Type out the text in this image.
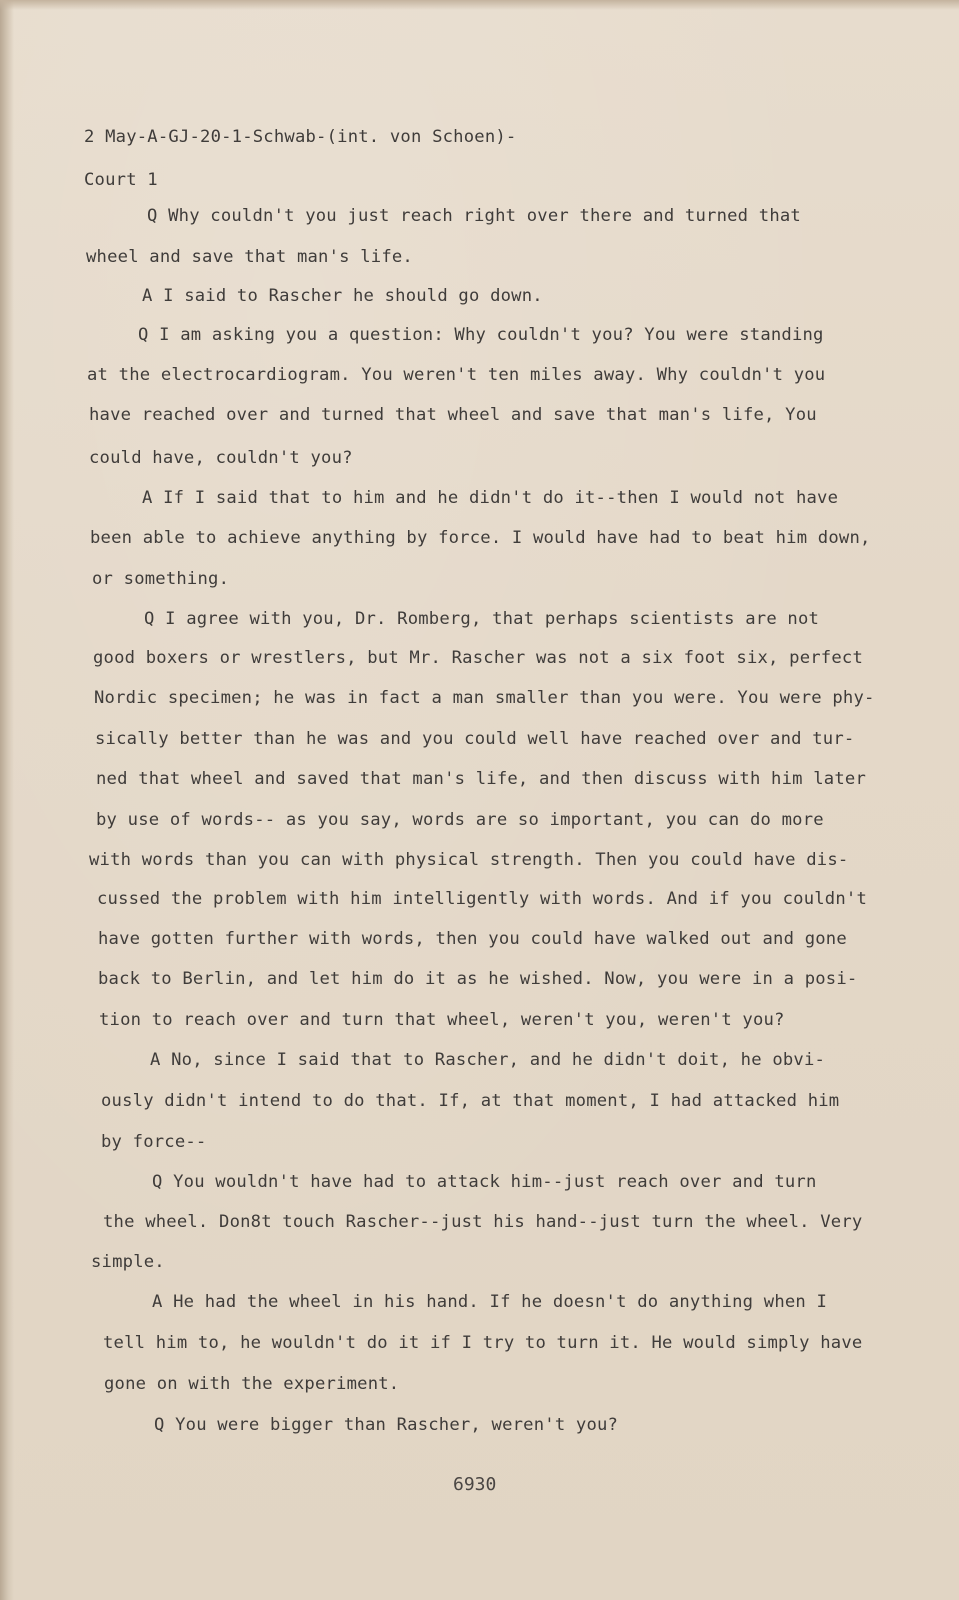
2 May-A-GJ-20-1-Schwab-(int. von Schoen)-
Court 1
Q Why couldn't you just reach right over there and turned that
wheel and save that man's life.
A I said to Rascher he should go down.
Q I am asking you a question: Why couldn't you? You were standing
at the electrocardiogram. You weren't ten miles away. Why couldn't you
have reached over and turned that wheel and save that man's life, You
could have, couldn't you?
A If I said that to him and he didn't do it--then I would not have
been able to achieve anything by force. I would have had to beat him down,
or something.
Q I agree with you, Dr. Romberg, that perhaps scientists are not
good boxers or wrestlers, but Mr. Rascher was not a six foot six, perfect
Nordic specimen; he was in fact a man smaller than you were. You were phy-
sically better than he was and you could well have reached over and tur-
ned that wheel and saved that man's life, and then discuss with him later
by use of words-- as you say, words are so important, you can do more
with words than you can with physical strength. Then you could have dis-
cussed the problem with him intelligently with words. And if you couldn't
have gotten further with words, then you could have walked out and gone
back to Berlin, and let him do it as he wished. Now, you were in a posi-
tion to reach over and turn that wheel, weren't you, weren't you?
A No, since I said that to Rascher, and he didn't doit, he obvi-
ously didn't intend to do that. If, at that moment, I had attacked him
by force--
Q You wouldn't have had to attack him--just reach over and turn
the wheel. Don8t touch Rascher--just his hand--just turn the wheel. Very
simple.
A He had the wheel in his hand. If he doesn't do anything when I
tell him to, he wouldn't do it if I try to turn it. He would simply have
gone on with the experiment.
Q You were bigger than Rascher, weren't you?
6930
